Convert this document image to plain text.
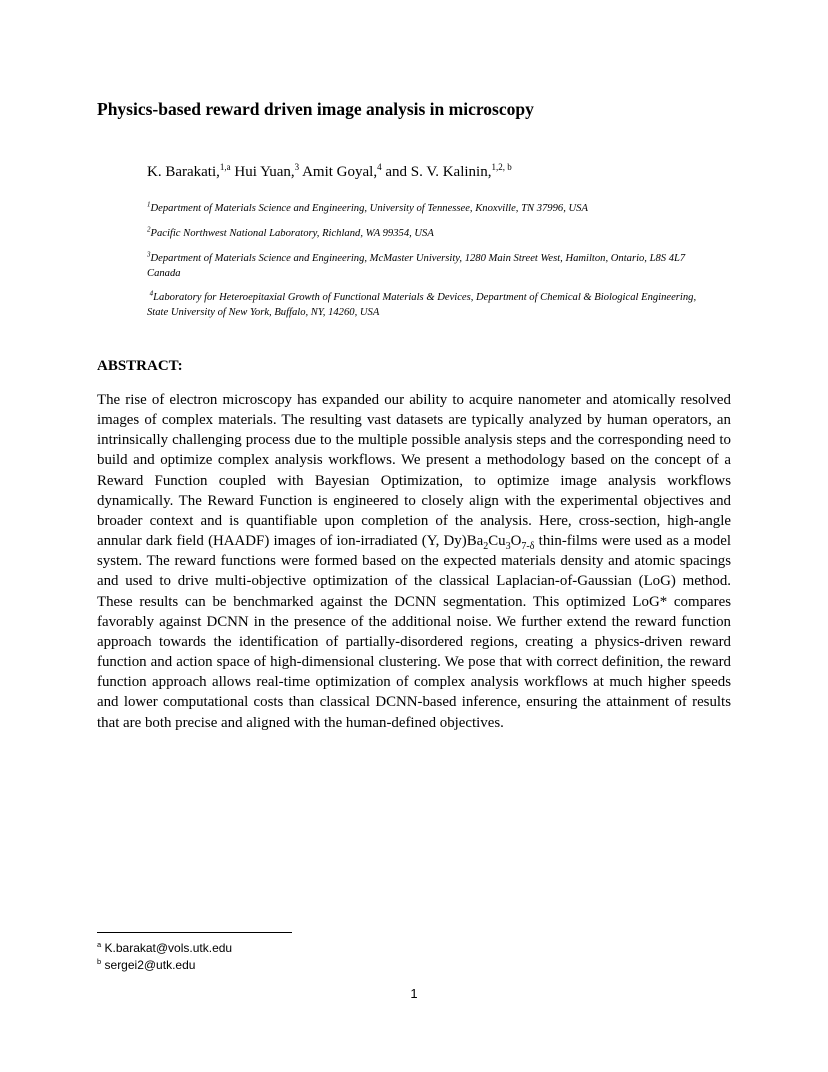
Physics-based reward driven image analysis in microscopy
K. Barakati,$^{1,a}$ Hui Yuan,$^3$ Amit Goyal,$^4$ and S. V. Kalinin,$^{1,2, b}$
$^1$Department of Materials Science and Engineering, University of Tennessee, Knoxville, TN 37996, USA
$^2$Pacific Northwest National Laboratory, Richland, WA 99354, USA
$^3$Department of Materials Science and Engineering, McMaster University, 1280 Main Street West, Hamilton, Ontario, L8S 4L7 Canada
$^4$Laboratory for Heteroepitaxial Growth of Functional Materials & Devices, Department of Chemical & Biological Engineering, State University of New York, Buffalo, NY, 14260, USA
ABSTRACT:
The rise of electron microscopy has expanded our ability to acquire nanometer and atomically resolved images of complex materials. The resulting vast datasets are typically analyzed by human operators, an intrinsically challenging process due to the multiple possible analysis steps and the corresponding need to build and optimize complex analysis workflows. We present a methodology based on the concept of a Reward Function coupled with Bayesian Optimization, to optimize image analysis workflows dynamically. The Reward Function is engineered to closely align with the experimental objectives and broader context and is quantifiable upon completion of the analysis. Here, cross-section, high-angle annular dark field (HAADF) images of ion-irradiated (Y, $Dy)Ba_2Cu_3O_{7-\delta}$ thin-films were used as a model system. The reward functions were formed based on the expected materials density and atomic spacings and used to drive multi-objective optimization of the classical Laplacian-of-Gaussian (LoG) method. These results can be benchmarked against the DCNN segmentation. This optimized LoG* compares favorably against DCNN in the presence of the additional noise. We further extend the reward function approach towards the identification of partially-disordered regions, creating a physics-driven reward function and action space of high-dimensional clustering. We pose that with correct definition, the reward function approach allows real-time optimization of complex analysis workflows at much higher speeds and lower computational costs than classical DCNN-based inference, ensuring the attainment of results that are both precise and aligned with the human-defined objectives.
$^a$ K.barakat@vols.utk.edu
$^b$ sergei2@utk.edu
1
